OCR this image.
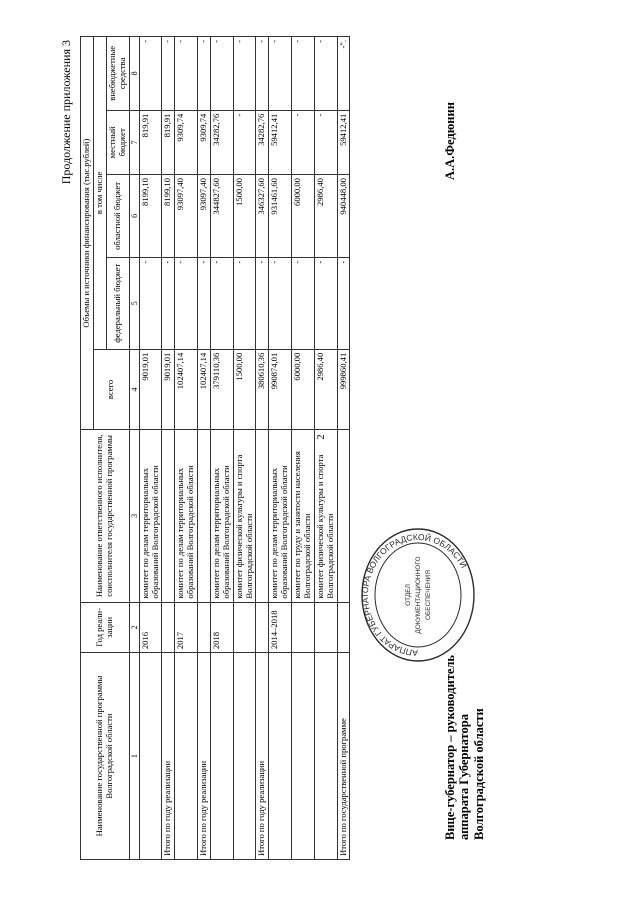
2
Продолжение приложения 3
Наименование государственной программы Волгоградской области	Год реали-зации	Наименование ответственного исполнителя, соисполнителя государственной программы	Объемы и источники финансирования (тыс.рублей)				
			всего	в том числе			
				федеральный бюджет	областной бюджет	местный бюджет	внебюджетные средства
1	2	3	4	5	6	7	8
	2016	комитет по делам территориальных образований Волгоградской области	9019,01	-	8199,10	819,91	-
Итого по году реализации			9019,01	-	8199,10	819,91	-
	2017	комитет по делам территориальных образований Волгоградской области	102407,14	-	93097,40	9309,74	-
Итого по году реализации			102407,14	-	93097,40	9309,74	-
	2018	комитет по делам территориальных образований Волгоградской области	379110,36	-	344827,60	34282,76	-
		комитет физической культуры и спорта Волгоградской области	1500,00	-	1500,00	-	-
Итого по году реализации			380610,36	-	346327,60	34282,76	-
	2014–2018	комитет по делам территориальных образований Волгоградской области	990874,01	-	931461,60	59412,41	-
		комитет по труду и занятости населения Волгоградской области	6000,00	-	6000,00	-	-
		комитет физической культуры и спорта Волгоградской области	2986,40	-	2986,40	-	-
Итого по государственной программе			999860,41	-	940448,00	59412,41	-".
АППАРАТ ГУБЕРНАТОРА ВОЛГОГРАДСКОЙ ОБЛАСТИ
ОТДЕЛ ДОКУМЕНТАЦИОННОГО ОБЕСПЕЧЕНИЯ
Вице-губернатор – руководитель аппарата Губернатора Волгоградской области
А.А.Федюнин
